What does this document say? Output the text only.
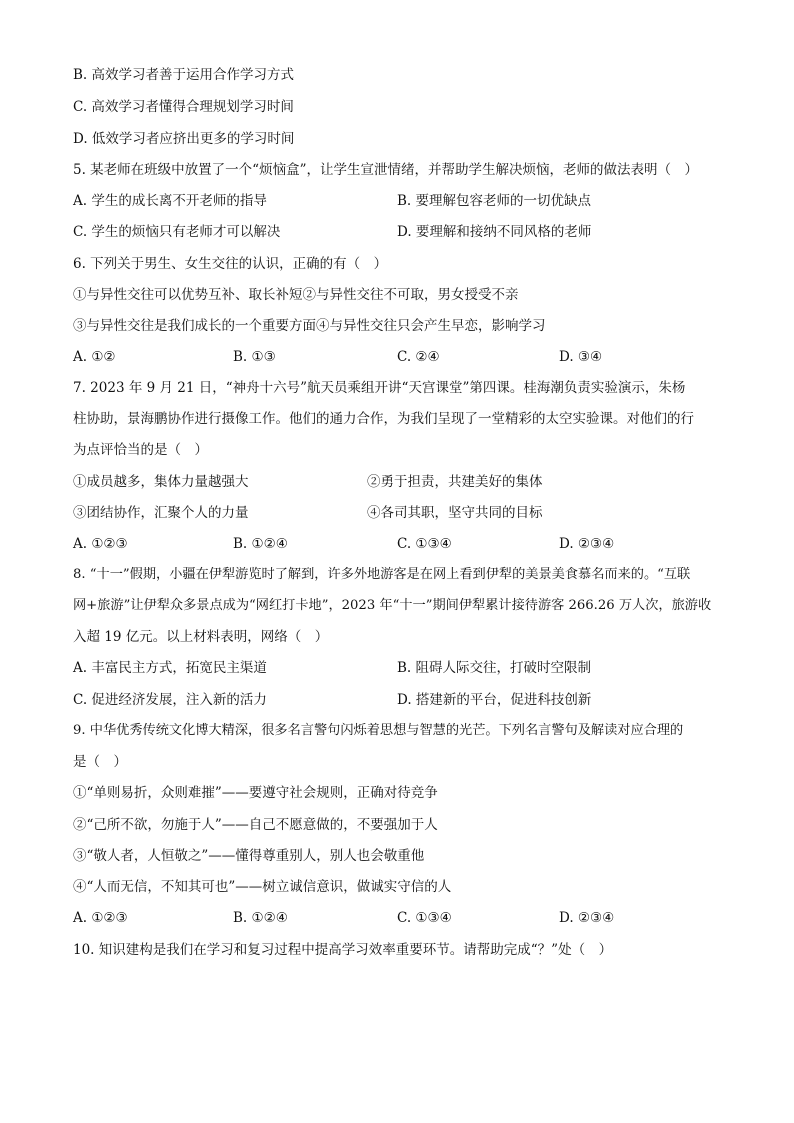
B. 高效学习者善于运用合作学习方式
C. 高效学习者懂得合理规划学习时间
D. 低效学习者应挤出更多的学习时间
5. 某老师在班级中放置了一个“烦恼盒”，让学生宣泄情绪，并帮助学生解决烦恼，老师的做法表明（　）
A. 学生的成长离不开老师的指导	B. 要理解包容老师的一切优缺点
C. 学生的烦恼只有老师才可以解决	D. 要理解和接纳不同风格的老师
6. 下列关于男生、女生交往的认识，正确的有（　）
①与异性交往可以优势互补、取长补短②与异性交往不可取，男女授受不亲
③与异性交往是我们成长的一个重要方面④与异性交往只会产生早恋，影响学习
A. ①②	B. ①③	C. ②④	D. ③④
7. 2023 年 9 月 21 日，“神舟十六号”航天员乘组开讲“天宫课堂”第四课。桂海潮负责实验演示，朱杨
柱协助，景海鹏协作进行摄像工作。他们的通力合作，为我们呈现了一堂精彩的太空实验课。对他们的行
为点评恰当的是（　）
①成员越多，集体力量越强大	②勇于担责，共建美好的集体
③团结协作，汇聚个人的力量	④各司其职，坚守共同的目标
A. ①②③	B. ①②④	C. ①③④	D. ②③④
8. “十一”假期，小疆在伊犁游览时了解到，许多外地游客是在网上看到伊犁的美景美食慕名而来的。“互联
网+旅游”让伊犁众多景点成为“网红打卡地”，2023 年“十一”期间伊犁累计接待游客 266.26 万人次，旅游收
入超 19 亿元。以上材料表明，网络（　）
A. 丰富民主方式，拓宽民主渠道	B. 阻碍人际交往，打破时空限制
C. 促进经济发展，注入新的活力	D. 搭建新的平台，促进科技创新
9. 中华优秀传统文化博大精深，很多名言警句闪烁着思想与智慧的光芒。下列名言警句及解读对应合理的
是（　）
①“单则易折，众则难摧”——要遵守社会规则，正确对待竞争
②“己所不欲，勿施于人”——自己不愿意做的，不要强加于人
③“敬人者，人恒敬之”——懂得尊重别人，别人也会敬重他
④“人而无信，不知其可也”——树立诚信意识，做诚实守信的人
A. ①②③	B. ①②④	C. ①③④	D. ②③④
10. 知识建构是我们在学习和复习过程中提高学习效率重要环节。请帮助完成“？”处（　）
